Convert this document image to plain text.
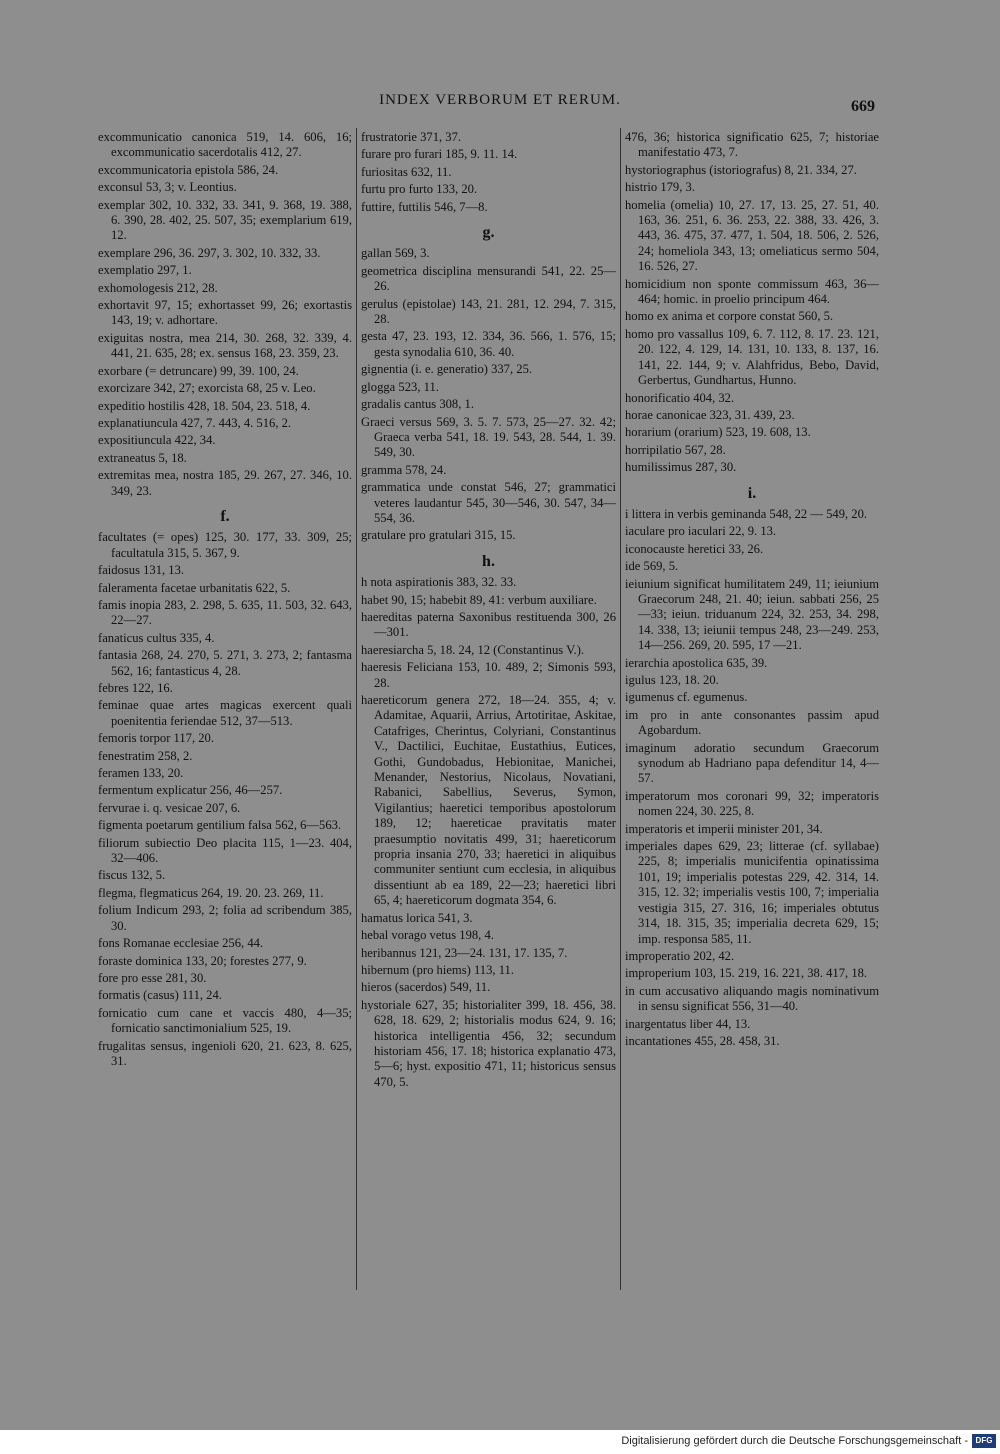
INDEX VERBORUM ET RERUM.	669
excommunicatio canonica 519, 14. 606, 16; excommunicatio sacerdotalis 412, 27.
excommunicatoria epistola 586, 24.
exconsul 53, 3; v. Leontius.
exemplar 302, 10. 332, 33. 341, 9. 368, 19. 388, 6. 390, 28. 402, 25. 507, 35; exemplarium 619, 12.
exemplare 296, 36. 297, 3. 302, 10. 332, 33.
exemplatio 297, 1.
exhomologesis 212, 28.
exhortavit 97, 15; exhortasset 99, 26; exortastis 143, 19; v. adhortare.
exiguitas nostra, mea 214, 30. 268, 32. 339, 4. 441, 21. 635, 28; ex. sensus 168, 23. 359, 23.
exorbare (= detruncare) 99, 39. 100, 24.
exorcizare 342, 27; exorcista 68, 25 v. Leo.
expeditio hostilis 428, 18. 504, 23. 518, 4.
explanatiuncula 427, 7. 443, 4. 516, 2.
expositiuncula 422, 34.
extraneatus 5, 18.
extremitas mea, nostra 185, 29. 267, 27. 346, 10. 349, 23.
f.
facultates (= opes) 125, 30. 177, 33. 309, 25; facultatula 315, 5. 367, 9.
faidosus 131, 13.
faleramenta facetae urbanitatis 622, 5.
famis inopia 283, 2. 298, 5. 635, 11. 503, 32. 643, 22—27.
fanaticus cultus 335, 4.
fantasia 268, 24. 270, 5. 271, 3. 273, 2; fantasma 562, 16; fantasticus 4, 28.
febres 122, 16.
feminae quae artes magicas exercent quali poenitentia feriendae 512, 37—513.
femoris torpor 117, 20.
fenestratim 258, 2.
feramen 133, 20.
fermentum explicatur 256, 46—257.
fervurae i. q. vesicae 207, 6.
figmenta poetarum gentilium falsa 562, 6—563.
filiorum subiectio Deo placita 115, 1—23. 404, 32—406.
fiscus 132, 5.
flegma, flegmaticus 264, 19. 20. 23. 269, 11.
folium Indicum 293, 2; folia ad scribendum 385, 30.
fons Romanae ecclesiae 256, 44.
foraste dominica 133, 20; forestes 277, 9.
fore pro esse 281, 30.
formatis (casus) 111, 24.
fornicatio cum cane et vaccis 480, 4—35; fornicatio sanctimonialium 525, 19.
frugalitas sensus, ingenioli 620, 21. 623, 8. 625, 31.
frustratorie 371, 37.
furare pro furari 185, 9. 11. 14.
furiositas 632, 11.
furtu pro furto 133, 20.
futtire, futtilis 546, 7—8.
g.
gallan 569, 3.
geometrica disciplina mensurandi 541, 22. 25—26.
gerulus (epistolae) 143, 21. 281, 12. 294, 7. 315, 28.
gesta 47, 23. 193, 12. 334, 36. 566, 1. 576, 15; gesta synodalia 610, 36. 40.
gignentia (i. e. generatio) 337, 25.
glogga 523, 11.
gradalis cantus 308, 1.
Graeci versus 569, 3. 5. 7. 573, 25—27. 32. 42; Graeca verba 541, 18. 19. 543, 28. 544, 1. 39. 549, 30.
gramma 578, 24.
grammatica unde constat 546, 27; grammatici veteres laudantur 545, 30—546, 30. 547, 34—554, 36.
gratulare pro gratulari 315, 15.
h.
h nota aspirationis 383, 32. 33.
habet 90, 15; habebit 89, 41: verbum auxiliare.
haereditas paterna Saxonibus restituenda 300, 26—301.
haeresiarcha 5, 18. 24, 12 (Constantinus V.).
haeresis Feliciana 153, 10. 489, 2; Simonis 593, 28.
haereticorum genera 272, 18—24. 355, 4; v. Adamitae, Aquarii, Arrius, Artotiritae, Askitae, Catafriges, Cherintus, Colyriani, Constantinus V., Dactilici, Euchitae, Eustathius, Eutices, Gothi, Gundobadus, Hebionitae, Manichei, Menander, Nestorius, Nicolaus, Novatiani, Rabanici, Sabellius, Severus, Symon, Vigilantius; haeretici temporibus apostolorum 189, 12; haereticae pravitatis mater praesumptio novitatis 499, 31; haereticorum propria insania 270, 33; haeretici in aliquibus communiter sentiunt cum ecclesia, in aliquibus dissentiunt ab ea 189, 22—23; haeretici libri 65, 4; haereticorum dogmata 354, 6.
hamatus lorica 541, 3.
hebal vorago vetus 198, 4.
heribannus 121, 23—24. 131, 17. 135, 7.
hibernum (pro hiems) 113, 11.
hieros (sacerdos) 549, 11.
hystoriale 627, 35; historialiter 399, 18. 456, 38. 628, 18. 629, 2; historialis modus 624, 9. 16; historica intelligentia 456, 32; secundum historiam 456, 17. 18; historica explanatio 473, 5—6; hyst. expositio 471, 11; historicus sensus 470, 5.
476, 36; historica significatio 625, 7; historiae manifestatio 473, 7.
hystoriographus (istoriografus) 8, 21. 334, 27.
histrio 179, 3.
homelia (omelia) 10, 27. 17, 13. 25, 27. 51, 40. 163, 36. 251, 6. 36. 253, 22. 388, 33. 426, 3. 443, 36. 475, 37. 477, 1. 504, 18. 506, 2. 526, 24; homeliola 343, 13; omeliaticus sermo 504, 16. 526, 27.
homicidium non sponte commissum 463, 36—464; homic. in proelio principum 464.
homo ex anima et corpore constat 560, 5.
homo pro vassallus 109, 6. 7. 112, 8. 17. 23. 121, 20. 122, 4. 129, 14. 131, 10. 133, 8. 137, 16. 141, 22. 144, 9; v. Alahfridus, Bebo, David, Gerbertus, Gundhartus, Hunno.
honorificatio 404, 32.
horae canonicae 323, 31. 439, 23.
horarium (orarium) 523, 19. 608, 13.
horripilatio 567, 28.
humilissimus 287, 30.
i.
i littera in verbis geminanda 548, 22 — 549, 20.
iaculare pro iaculari 22, 9. 13.
iconocauste heretici 33, 26.
ide 569, 5.
ieiunium significat humilitatem 249, 11; ieiunium Graecorum 248, 21. 40; ieiun. sabbati 256, 25—33; ieiun. triduanum 224, 32. 253, 34. 298, 14. 338, 13; ieiunii tempus 248, 23—249. 253, 14—256. 269, 20. 595, 17 —21.
ierarchia apostolica 635, 39.
igulus 123, 18. 20.
igumenus cf. egumenus.
im pro in ante consonantes passim apud Agobardum.
imaginum adoratio secundum Graecorum synodum ab Hadriano papa defenditur 14, 4—57.
imperatorum mos coronari 99, 32; imperatoris nomen 224, 30. 225, 8.
imperatoris et imperii minister 201, 34.
imperiales dapes 629, 23; litterae (cf. syllabae) 225, 8; imperialis municifentia opinatissima 101, 19; imperialis potestas 229, 42. 314, 14. 315, 12. 32; imperialis vestis 100, 7; imperialia vestigia 315, 27. 316, 16; imperiales obtutus 314, 18. 315, 35; imperialia decreta 629, 15; imp. responsa 585, 11.
improperatio 202, 42.
improperium 103, 15. 219, 16. 221, 38. 417, 18.
in cum accusativo aliquando magis nominativum in sensu significat 556, 31—40.
inargentatus liber 44, 13.
incantationes 455, 28. 458, 31.
Digitalisierung gefördert durch die Deutsche Forschungsgemeinschaft - DFG
